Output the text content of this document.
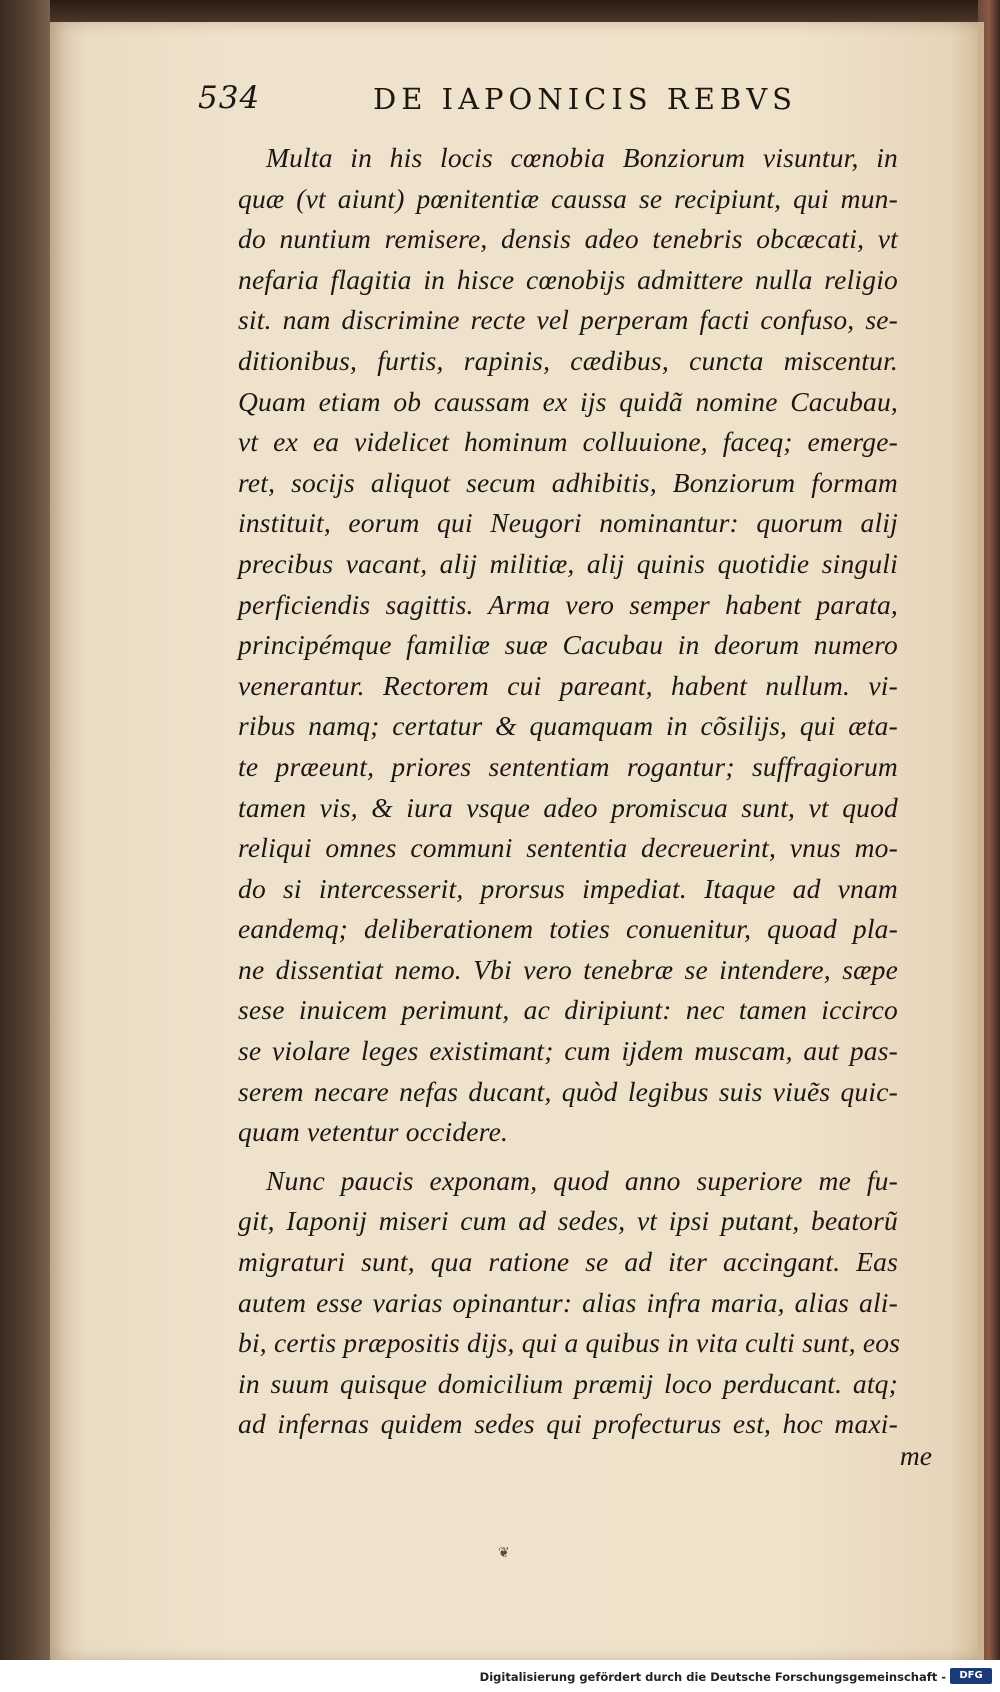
534	DE IAPONICIS REBVS
Multa in his locis cœnobia Bonziorum visuntur, in
quæ (vt aiunt) pœnitentiæ caussa se recipiunt, qui mun-
do nuntium remisere, densis adeo tenebris obcæcati, vt
nefaria flagitia in hisce cœnobijs admittere nulla religio
sit. nam discrimine recte vel perperam facti confuso, se-
ditionibus, furtis, rapinis, cædibus, cuncta miscentur.
Quam etiam ob caussam ex ijs quidã nomine Cacubau,
vt ex ea videlicet hominum colluuione, faceq; emerge-
ret, socijs aliquot secum adhibitis, Bonziorum formam
instituit, eorum qui Neugori nominantur: quorum alij
precibus vacant, alij militiæ, alij quinis quotidie singuli
perficiendis sagittis. Arma vero semper habent parata,
principémque familiæ suæ Cacubau in deorum numero
venerantur. Rectorem cui pareant, habent nullum. vi-
ribus namq; certatur & quamquam in cõsilijs, qui æta-
te præeunt, priores sententiam rogantur; suffragiorum
tamen vis, & iura vsque adeo promiscua sunt, vt quod
reliqui omnes communi sententia decreuerint, vnus mo-
do si intercesserit, prorsus impediat. Itaque ad vnam
eandemq; deliberationem toties conuenitur, quoad pla-
ne dissentiat nemo. Vbi vero tenebræ se intendere, sæpe
sese inuicem perimunt, ac diripiunt: nec tamen iccirco
se violare leges existimant; cum ijdem muscam, aut pas-
serem necare nefas ducant, quòd legibus suis viuẽs quic-
quam vetentur occidere.
Nunc paucis exponam, quod anno superiore me fu-
git, Iaponij miseri cum ad sedes, vt ipsi putant, beatorũ
migraturi sunt, qua ratione se ad iter accingant. Eas
autem esse varias opinantur: alias infra maria, alias ali-
bi, certis præpositis dijs, qui a quibus in vita culti sunt, eos
in suum quisque domicilium præmij loco perducant. atq;
ad infernas quidem sedes qui profecturus est, hoc maxi-
me
❦
Digitalisierung gefördert durch die Deutsche Forschungsgemeinschaft -	DFG
